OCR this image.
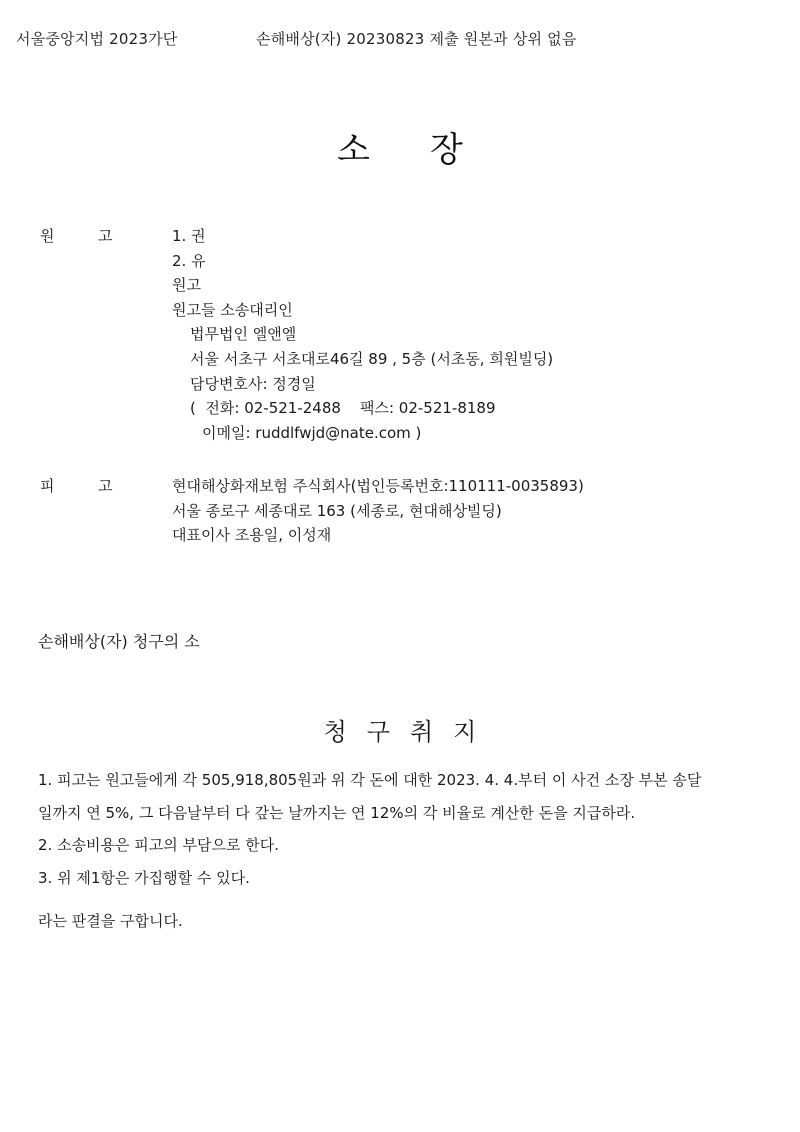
서울중앙지법 2023가단	손해배상(자) 20230823 제출 원본과 상위 없음
소장
원	고	1. 권
2. 유
원고
원고들 소송대리인
법무법인 엘앤엘
서울 서초구 서초대로46길 89 , 5층 (서초동, 희원빌딩)
담당변호사: 정경일
(  전화: 02-521-2488    팩스: 02-521-8189
이메일: ruddlfwjd@nate.com )
피	고	현대해상화재보험 주식회사(법인등록번호:110111-0035893)
서울 종로구 세종대로 163 (세종로, 현대해상빌딩)
대표이사 조용일, 이성재
손해배상(자) 청구의 소
청구취지

1. 피고는 원고들에게 각 505,918,805원과 위 각 돈에 대한 2023. 4. 4.부터 이 사건 소장 부본 송달

일까지 연 5%, 그 다음날부터 다 갚는 날까지는 연 12%의 각 비율로 계산한 돈을 지급하라.

2. 소송비용은 피고의 부담으로 한다.

3. 위 제1항은 가집행할 수 있다.

라는 판결을 구합니다.
